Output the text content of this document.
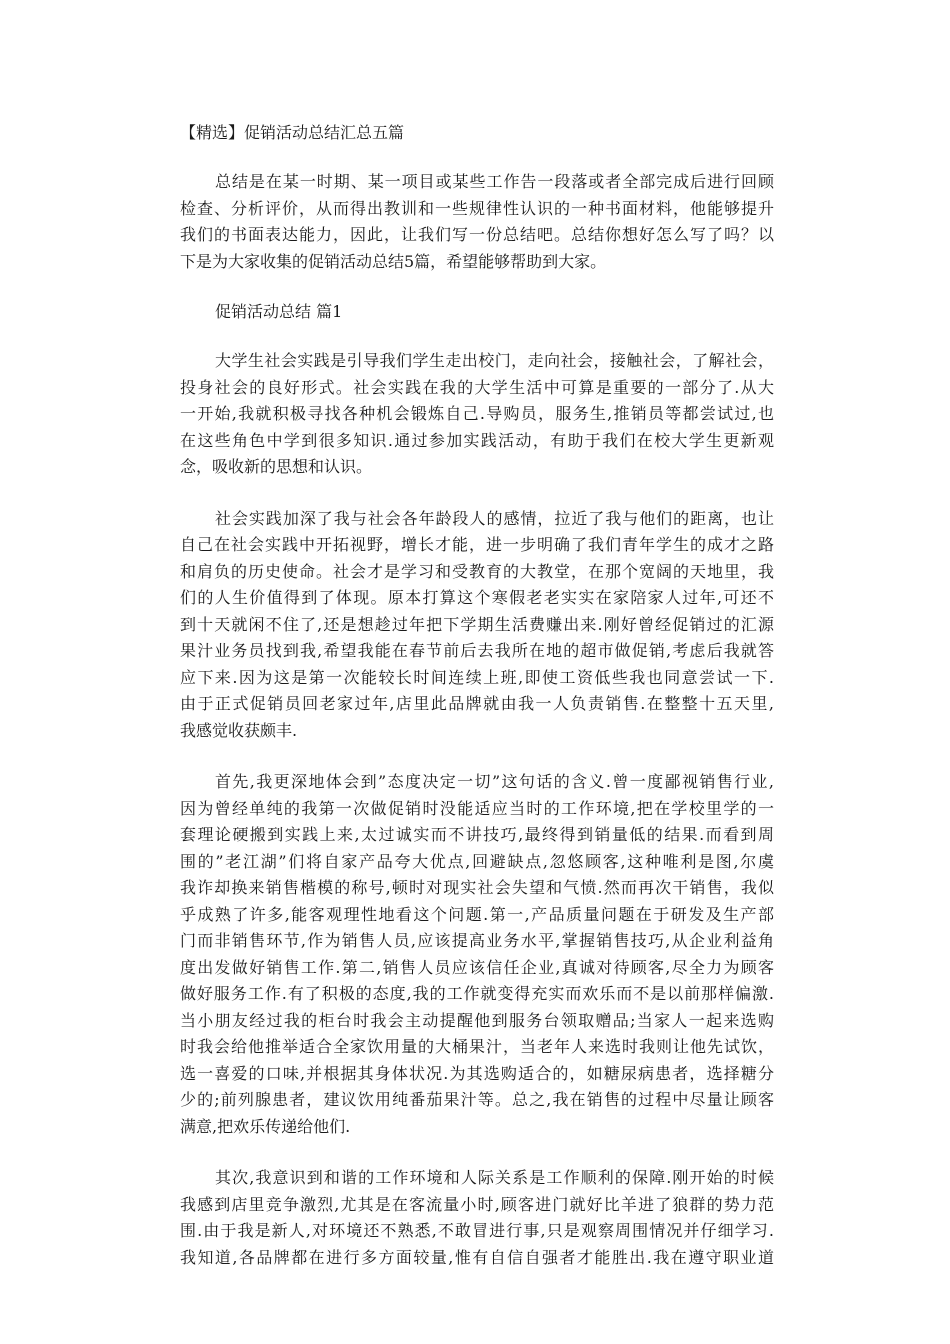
【精选】促销活动总结汇总五篇
总结是在某一时期、某一项目或某些工作告一段落或者全部完成后进行回顾
检查、分析评价，从而得出教训和一些规律性认识的一种书面材料，他能够提升
我们的书面表达能力，因此，让我们写一份总结吧。总结你想好怎么写了吗？以
下是为大家收集的促销活动总结5篇，希望能够帮助到大家。
促销活动总结 篇1
大学生社会实践是引导我们学生走出校门，走向社会，接触社会，了解社会，
投身社会的良好形式。社会实践在我的大学生活中可算是重要的一部分了.从大
一开始,我就积极寻找各种机会锻炼自己.导购员，服务生,推销员等都尝试过,也
在这些角色中学到很多知识.通过参加实践活动，有助于我们在校大学生更新观
念，吸收新的思想和认识。
社会实践加深了我与社会各年龄段人的感情，拉近了我与他们的距离，也让
自己在社会实践中开拓视野，增长才能，进一步明确了我们青年学生的成才之路
和肩负的历史使命。社会才是学习和受教育的大教堂，在那个宽阔的天地里，我
们的人生价值得到了体现。原本打算这个寒假老老实实在家陪家人过年,可还不
到十天就闲不住了,还是想趁过年把下学期生活费赚出来.刚好曾经促销过的汇源
果汁业务员找到我,希望我能在春节前后去我所在地的超市做促销,考虑后我就答
应下来.因为这是第一次能较长时间连续上班,即使工资低些我也同意尝试一下.
由于正式促销员回老家过年,店里此品牌就由我一人负责销售.在整整十五天里,
我感觉收获颇丰.
首先,我更深地体会到”态度决定一切”这句话的含义.曾一度鄙视销售行业,
因为曾经单纯的我第一次做促销时没能适应当时的工作环境,把在学校里学的一
套理论硬搬到实践上来,太过诚实而不讲技巧,最终得到销量低的结果.而看到周
围的”老江湖”们将自家产品夸大优点,回避缺点,忽悠顾客,这种唯利是图,尔虞
我诈却换来销售楷模的称号,顿时对现实社会失望和气愤.然而再次干销售，我似
乎成熟了许多,能客观理性地看这个问题.第一,产品质量问题在于研发及生产部
门而非销售环节,作为销售人员,应该提高业务水平,掌握销售技巧,从企业利益角
度出发做好销售工作.第二,销售人员应该信任企业,真诚对待顾客,尽全力为顾客
做好服务工作.有了积极的态度,我的工作就变得充实而欢乐而不是以前那样偏激.
当小朋友经过我的柜台时我会主动提醒他到服务台领取赠品;当家人一起来选购
时我会给他推举适合全家饮用量的大桶果汁，当老年人来选时我则让他先试饮，
选一喜爱的口味,并根据其身体状况.为其选购适合的，如糖尿病患者，选择糖分
少的;前列腺患者，建议饮用纯番茄果汁等。总之,我在销售的过程中尽量让顾客
满意,把欢乐传递给他们.
其次,我意识到和谐的工作环境和人际关系是工作顺利的保障.刚开始的时候
我感到店里竞争激烈,尤其是在客流量小时,顾客进门就好比羊进了狼群的势力范
围.由于我是新人,对环境还不熟悉,不敢冒进行事,只是观察周围情况并仔细学习.
我知道,各品牌都在进行多方面较量,惟有自信自强者才能胜出.我在遵守职业道
